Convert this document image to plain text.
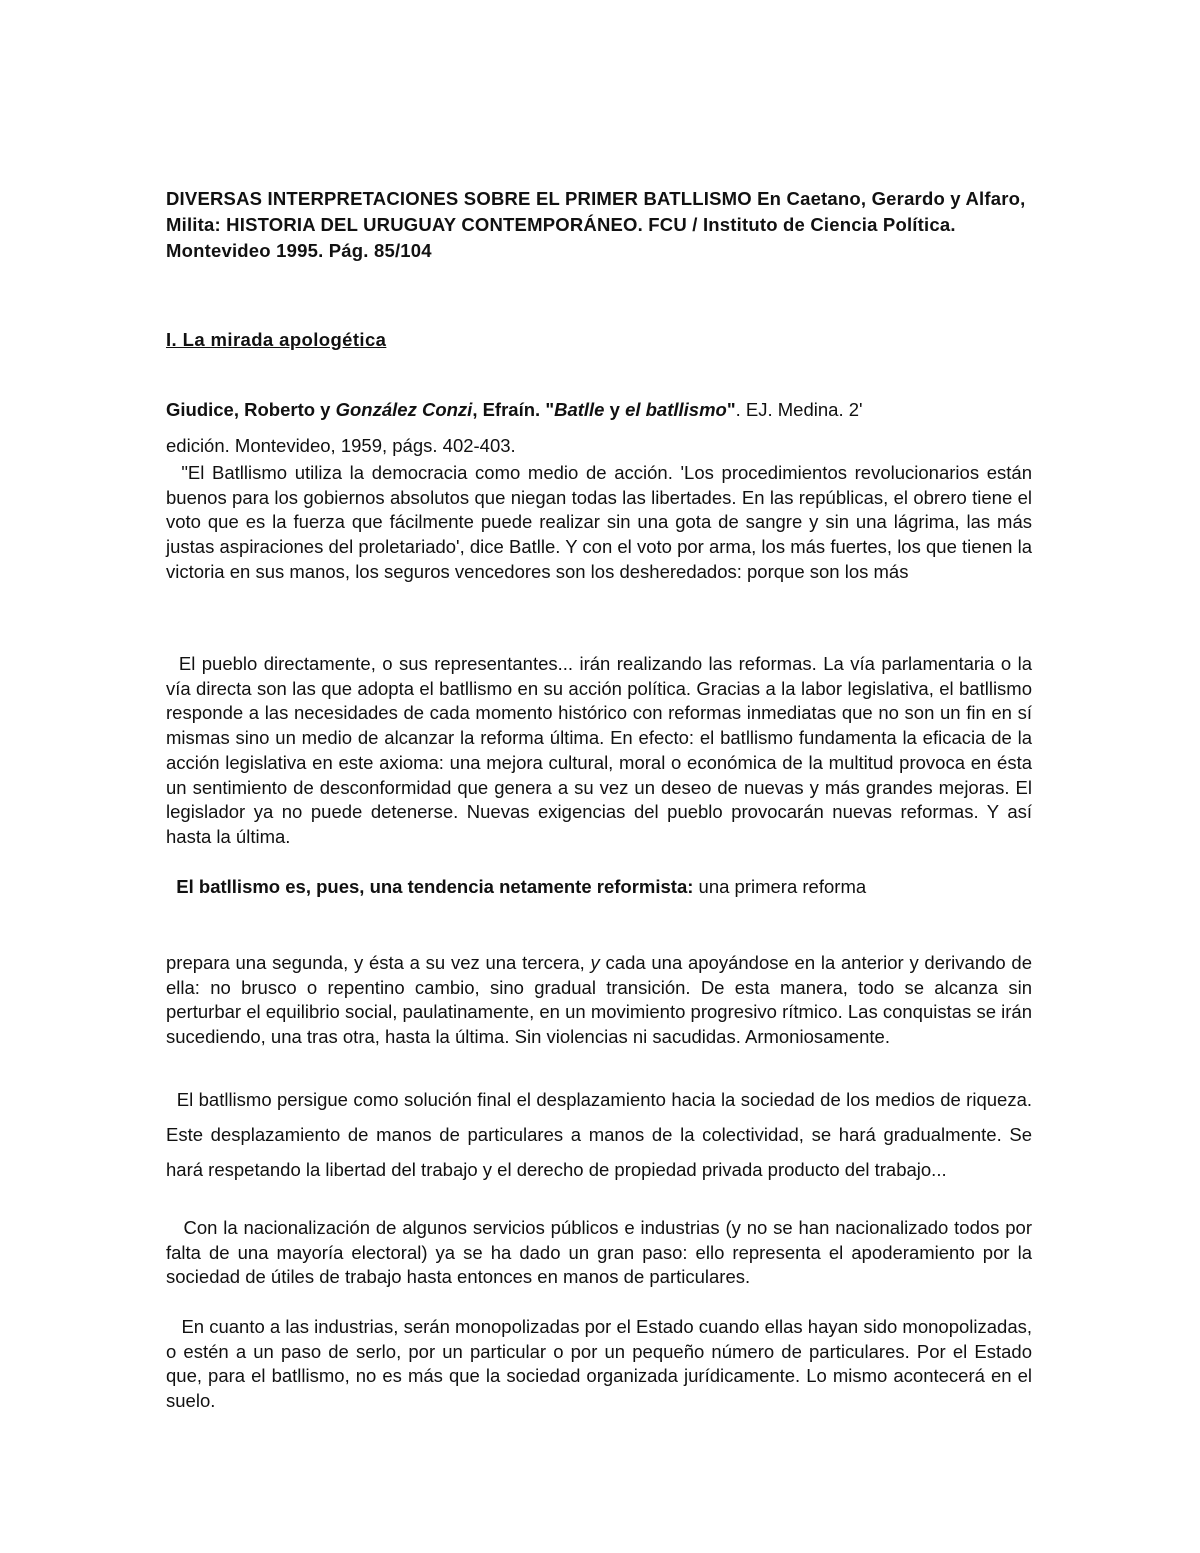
DIVERSAS INTERPRETACIONES SOBRE EL PRIMER BATLLISMO En Caetano, Gerardo y Alfaro, Milita: HISTORIA DEL URUGUAY CONTEMPORÁNEO. FCU / Instituto de Ciencia Política. Montevideo 1995. Pág. 85/104

I. La mirada apologética

Giudice, Roberto y González Conzi, Efraín. "Batlle y el batllismo". EJ. Medina. 2'
edición. Montevideo, 1959, págs. 402-403.

"El Batllismo utiliza la democracia como medio de acción. 'Los procedimientos revolucionarios están buenos para los gobiernos absolutos que niegan todas las libertades. En las repúblicas, el obrero tiene el voto que es la fuerza que fácilmente puede realizar sin una gota de sangre y sin una lágrima, las más justas aspiraciones del proletariado', dice Batlle. Y con el voto por arma, los más fuertes, los que tienen la victoria en sus manos, los seguros vencedores son los desheredados: porque son los más

El pueblo directamente, o sus representantes... irán realizando las reformas. La vía parlamentaria o la vía directa son las que adopta el batllismo en su acción política. Gracias a la labor legislativa, el batllismo responde a las necesidades de cada momento histórico con reformas inmediatas que no son un fin en sí mismas sino un medio de alcanzar la reforma última. En efecto: el batllismo fundamenta la eficacia de la acción legislativa en este axioma: una mejora cultural, moral o económica de la multitud provoca en ésta un sentimiento de desconformidad que genera a su vez un deseo de nuevas y más grandes mejoras. El legislador ya no puede detenerse. Nuevas exigencias del pueblo provocarán nuevas reformas. Y así hasta la última.

El batllismo es, pues, una tendencia netamente reformista: una primera reforma

prepara una segunda, y ésta a su vez una tercera, y cada una apoyándose en la anterior y derivando de ella: no brusco o repentino cambio, sino gradual transición. De esta manera, todo se alcanza sin perturbar el equilibrio social, paulatinamente, en un movimiento progresivo rítmico. Las conquistas se irán sucediendo, una tras otra, hasta la última. Sin violencias ni sacudidas. Armoniosamente.

El batllismo persigue como solución final el desplazamiento hacia la sociedad de los medios de riqueza. Este desplazamiento de manos de particulares a manos de la colectividad, se hará gradualmente. Se hará respetando la libertad del trabajo y el derecho de propiedad privada producto del trabajo...

Con la nacionalización de algunos servicios públicos e industrias (y no se han nacionalizado todos por falta de una mayoría electoral) ya se ha dado un gran paso: ello representa el apoderamiento por la sociedad de útiles de trabajo hasta entonces en manos de particulares.

En cuanto a las industrias, serán monopolizadas por el Estado cuando ellas hayan sido monopolizadas, o estén a un paso de serlo, por un particular o por un pequeño número de particulares. Por el Estado que, para el batllismo, no es más que la sociedad organizada jurídicamente. Lo mismo acontecerá en el suelo.
